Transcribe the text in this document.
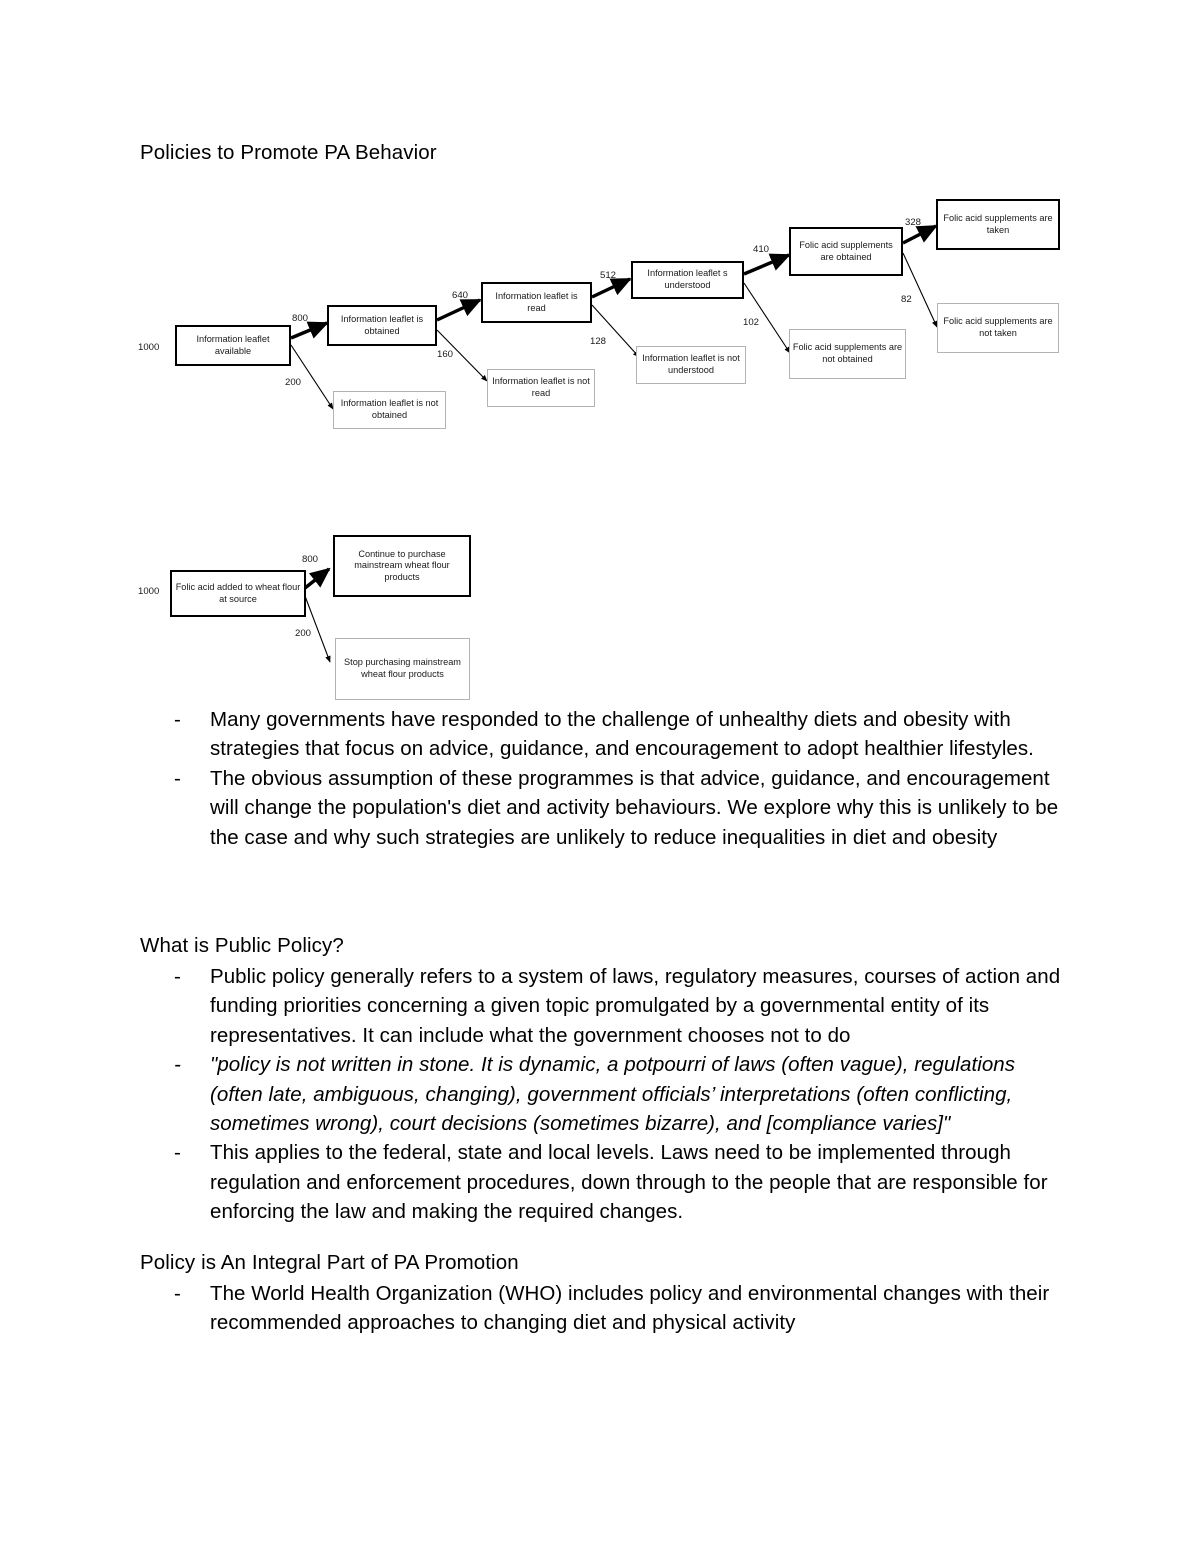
Policies to Promote PA Behavior
1000
Information leaflet available
800	Information leaflet is obtained
200
Information leaflet is not obtained
640	Information leaflet is read
160
Information leaflet is not read
512	Information leaflet s understood
128
Information leaflet is not understood
410	Folic acid supplements are obtained
102
Folic acid supplements are not obtained
328	Folic acid supplements are taken
82
Folic acid supplements are not taken
1000 Folic acid added to wheat flour at source
800
Continue to purchase mainstream wheat flour products
200
Stop purchasing mainstream wheat flour products
- Many governments have responded to the challenge of unhealthy diets and obesity with strategies that focus on advice, guidance, and encouragement to adopt healthier lifestyles.
- The obvious assumption of these programmes is that advice, guidance, and encouragement will change the population's diet and activity behaviours. We explore why this is unlikely to be the case and why such strategies are unlikely to reduce inequalities in diet and obesity
What is Public Policy?
- Public policy generally refers to a system of laws, regulatory measures, courses of action and funding priorities concerning a given topic promulgated by a governmental entity of its representatives. It can include what the government chooses not to do
- "policy is not written in stone. It is dynamic, a potpourri of laws (often vague), regulations (often late, ambiguous, changing), government officials’ interpretations (often conflicting, sometimes wrong), court decisions (sometimes bizarre), and [compliance varies]"
- This applies to the federal, state and local levels. Laws need to be implemented through regulation and enforcement procedures, down through to the people that are responsible for enforcing the law and making the required changes.
Policy is An Integral Part of PA Promotion
- The World Health Organization (WHO) includes policy and environmental changes with their recommended approaches to changing diet and physical activity
